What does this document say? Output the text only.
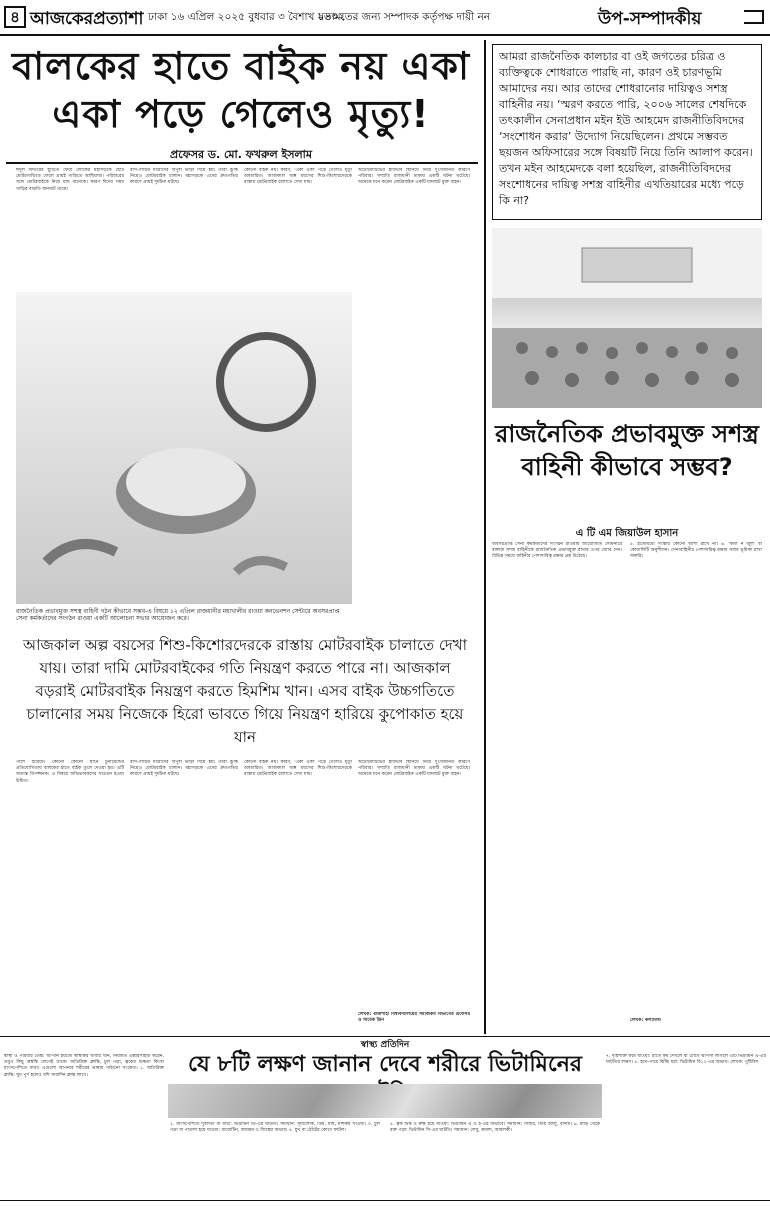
৪ আজকেরপ্রত্যাশা ঢাকা ১৬ এপ্রিল ২০২৫ বুধবার ৩ বৈশাখ ১৪৩২
মতামতের জন্য সম্পাদক কর্তৃপক্ষ দায়ী নন	উপ-সম্পাদকীয়
বালকের হাতে বাইক নয় একা একা পড়ে গেলেও মৃত্যু!
প্রফেসর ড. মো. ফখরুল ইসলাম
ঈদুল ফিতরের ছুটিতে ফেরা লোকের মহাসড়কে ছোট মোটরগাড়িতে ফেলে প্রায়ই গাড়িতে আছিয়াজ। পরিবারের সঙ্গে মোটরবাইকে নিয়ে যায় অনেকে। কারণ ঈদের সময় গাড়ির বাড়তি যানজট থাকে।
বাস-গাড়ির যাত্রীদের বিপুল ভাড়া দিয়ে হয়। তারা ঝুঁকি নিয়েও মোটরবাইক চালান। মহাসড়কে এদের দ্রুতগতির কারণে প্রায়ই দুর্ঘটনা ঘটছে।
কোনো বাইক নয়। কারণ, 'একা একা' পড়ে গেলেও মৃত্যু অবধারিত। আজকাল অল্প বয়সের শিশু-কিশোরদেরকে রাস্তায় মোটরবাইক চালাতে দেখা যায়।
অটোমোটিভের হাবভাব ছিনিয়ে নিয়ে দুঃখজনিত কারণে পরিবার। সম্প্রতি রাজধানী ঢাকায় একটি ঘটনা ঘটেছে। অনেকে মনে করেন মোটরবাইক একটি যানজট মুক্ত বাহন।
রাজনৈতিক প্রভাবমুক্ত সশস্ত্র বাহিনী গঠন কীভাবে সম্ভব-এ বিষয়ে ১২ এপ্রিল রাজধানীর মহাখালীর রাওয়া কনভেনশন সেন্টারে অবসরপ্রাপ্ত সেনা কর্মকর্তাদের সংগঠন রাওয়া একটি আলোচনা সভার আয়োজন করে।
আজকাল অল্প বয়সের শিশু-কিশোরদেরকে রাস্তায় মোটরবাইক চালাতে দেখা যায়। তারা দামি মোটরবাইকের গতি নিয়ন্ত্রণ করতে পারে না। আজকাল বড়রাই মোটরবাইক নিয়ন্ত্রণ করতে হিমশিম খান। এসব বাইক উচ্চগতিতে চালানোর সময় নিজেকে হিরো ভাবতে গিয়ে নিয়ন্ত্রণ হারিয়ে কুপোকাত হয়ে যান
পাশে চিবিয়ে। কোনো কোনো স্থানে টুর্নামেন্টের প্রতিযোগিতায় বালকের হাতে বাইক তুলে দেওয়া হয়। এটি অত্যন্ত বিপজ্জনক। এ বিষয়ে অভিভাবকদের সচেতন হওয়া উচিত।
বাস-গাড়ির যাত্রীদের বিপুল ভাড়া দিয়ে হয়। তারা ঝুঁকি নিয়েও মোটরবাইক চালান। মহাসড়কে এদের দ্রুতগতির কারণে প্রায়ই দুর্ঘটনা ঘটছে।
কোনো বাইক নয়। কারণ, 'একা একা' পড়ে গেলেও মৃত্যু অবধারিত। আজকাল অল্প বয়সের শিশু-কিশোরদেরকে রাস্তায় মোটরবাইক চালাতে দেখা যায়।
অটোমোটিভের হাবভাব ছিনিয়ে নিয়ে দুঃখজনিত কারণে পরিবার। সম্প্রতি রাজধানী ঢাকায় একটি ঘটনা ঘটেছে। অনেকে মনে করেন মোটরবাইক একটি যানজট মুক্ত বাহন।
লেখক: রাজশাহী বিশ্ববিদ্যালয়ের সমাজকর্ম বিভাগের প্রফেসর ও সাবেক ডিন
আমরা রাজনৈতিক কালচার বা ওই জগতের চরিত্র ও ব্যক্তিত্বকে শোধরাতে পারছি না, কারণ ওই চারণভূমি আমাদের নয়। আর তাদের শোধরানোর দায়িত্বও সশস্ত্র বাহিনীর নয়। ‘স্মরণ করতে পারি, ২০০৬ সালের শেষদিকে তৎকালীন সেনাপ্রধান মইন ইউ আহমেদ রাজনীতিবিদদের ‘সংশোধন করার’ উদ্যোগ নিয়েছিলেন। প্রথমে সম্ভবত ছয়জন অফিসারের সঙ্গে বিষয়টি নিয়ে তিনি আলাপ করেন। তখন মইন আহমেদকে বলা হয়েছিল, রাজনীতিবিদদের সংশোধনের দায়িত্ব সশস্ত্র বাহিনীর এখতিয়ারের মধ্যে পড়ে কি না?
রাজনৈতিক প্রভাবমুক্ত সশস্ত্র বাহিনী কীভাবে সম্ভব?
এ টি এম জিয়াউল হাসান
অবসরপ্রাপ্ত সেনা কর্মকর্তাদের সংগঠন রাওয়ায় আয়োজিত সেমিনারে বক্তারা সশস্ত্র বাহিনীকে রাজনৈতিক প্রভাবমুক্ত রাখার ওপর জোর দেন। বিভিন্ন সময়ে বাহিনীর পেশাদারিত্ব রক্ষার প্রশ্ন উঠেছে।
৫. ইতোমধ্যে সংস্কার কোনো আশা রাখে না। ৬. 'কাল ন জুল' বা কোয়ালিটি অনুশীলন। সেনাবাহিনীর পেশাদারিত্ব রক্ষায় সবার ভূমিকা রাখা জরুরি।
লেখক: কলামিস্ট
স্বাস্থ্য প্রতিদিন
যে ৮টি লক্ষণ জানান দেবে শরীরে ভিটামিনের
স্বাস্থ্য ও পরিবার ডেস্ক: আপনি হয়তো স্বাস্থ্যকর খাবার খান, নিয়মিত এক্সারসাইজ করেন, তবুও কিছু অস্বস্তি লেগেই থাকে। অতিরিক্ত ক্লান্তি, চুল পড়া, ত্বকের শুষ্কতা কিংবা মাংসপেশিতে ব্যথা। এগুলো আপনার শরীরের ভাষায় পাঠানো সংকেত। ১. অতিরিক্ত ক্লান্তি: ঘুম পূর্ণ হলেও যদি সারাদিন ক্লান্ত লাগে।
২. মাংসপেশিতে দুর্বলতা বা ব্যথা: ভিটামিন ডি-এর ঘাটতি। সমাধান: সূর্যালোক, ডিম, মাছ, মাশরুম খাওয়া। ৩. চুল পড়া বা পাতলা হয়ে যাওয়া: বায়োটিন, আয়রন ও জিঙ্কের অভাব। ৪. মুখ বা ঠোঁটের কোণে ফাটল।
৫. ত্বক শুষ্ক ও রুক্ষ হয়ে যাওয়া: ভিটামিন এ ও ই-এর অভাবে। সমাধান: গাজর, মিষ্টি আলু, বাদাম। ৬. মাড়ি থেকে রক্ত পড়া: ভিটামিন সি-এর ঘাটতি। সমাধান: লেবু, কমলা, আমলকী।
৭. দৃষ্টিশক্তি কমে যাওয়া: রাতে কম দেখলে বা চোখে ঝাপসা লাগলে এটি ভিটামিন এ-এর ঘাটতির লক্ষণ। ৮. হাত-পায়ে ঝিঁঝি ধরা: ভিটামিন বি১২-এর অভাব। লেখক: পুষ্টিবিদ
